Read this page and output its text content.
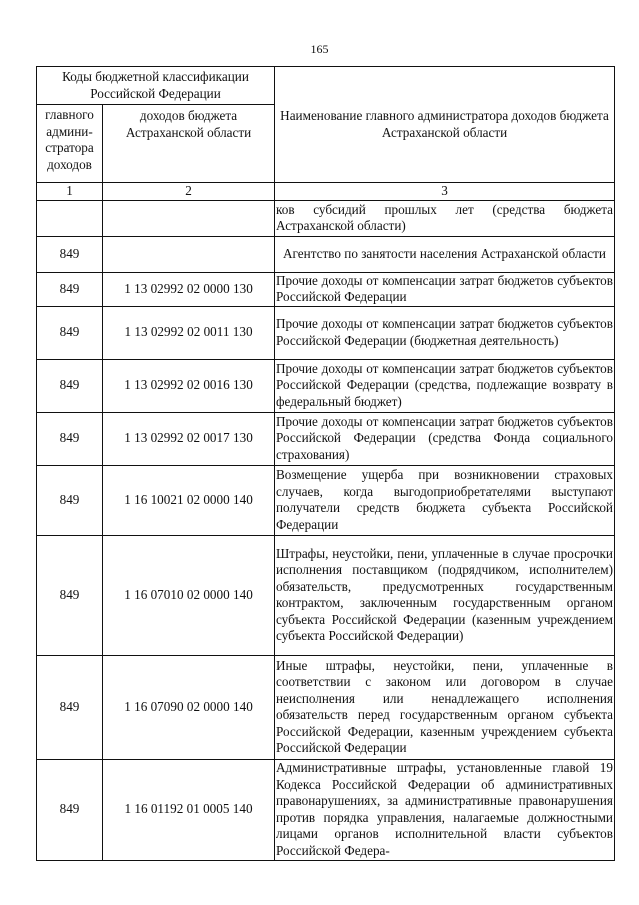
165
Коды бюджетной классификации Российской Федерации		Наименование главного администратора доходов бюджета Астраханской области
главного админи-стратора доходов	доходов бюджета Астраханской области	
1	2	3
		ков субсидий прошлых лет (средства бюджета Астраханской области)
849		Агентство по занятости населения Астраханской области
849	1 13 02992 02 0000 130	Прочие доходы от компенсации затрат бюджетов субъектов Российской Федерации
849	1 13 02992 02 0011 130	Прочие доходы от компенсации затрат бюджетов субъектов Российской Федерации (бюджетная деятельность)
849	1 13 02992 02 0016 130	Прочие доходы от компенсации затрат бюджетов субъектов Российской Федерации (средства, подлежащие возврату в федеральный бюджет)
849	1 13 02992 02 0017 130	Прочие доходы от компенсации затрат бюджетов субъектов Российской Федерации (средства Фонда социального страхования)
849	1 16 10021 02 0000 140	Возмещение ущерба при возникновении страховых случаев, когда выгодоприобретателями выступают получатели средств бюджета субъекта Российской Федерации
849	1 16 07010 02 0000 140	Штрафы, неустойки, пени, уплаченные в случае просрочки исполнения поставщиком (подрядчиком, исполнителем) обязательств, предусмотренных государственным контрактом, заключенным государственным органом субъекта Российской Федерации (казенным учреждением субъекта Российской Федерации)
849	1 16 07090 02 0000 140	Иные штрафы, неустойки, пени, уплаченные в соответствии с законом или договором в случае неисполнения или ненадлежащего исполнения обязательств перед государственным органом субъекта Российской Федерации, казенным учреждением субъекта Российской Федерации
849	1 16 01192 01 0005 140	Административные штрафы, установленные главой 19 Кодекса Российской Федерации об административных правонарушениях, за административные правонарушения против порядка управления, налагаемые должностными лицами органов исполнительной власти субъектов Российской Федера-
